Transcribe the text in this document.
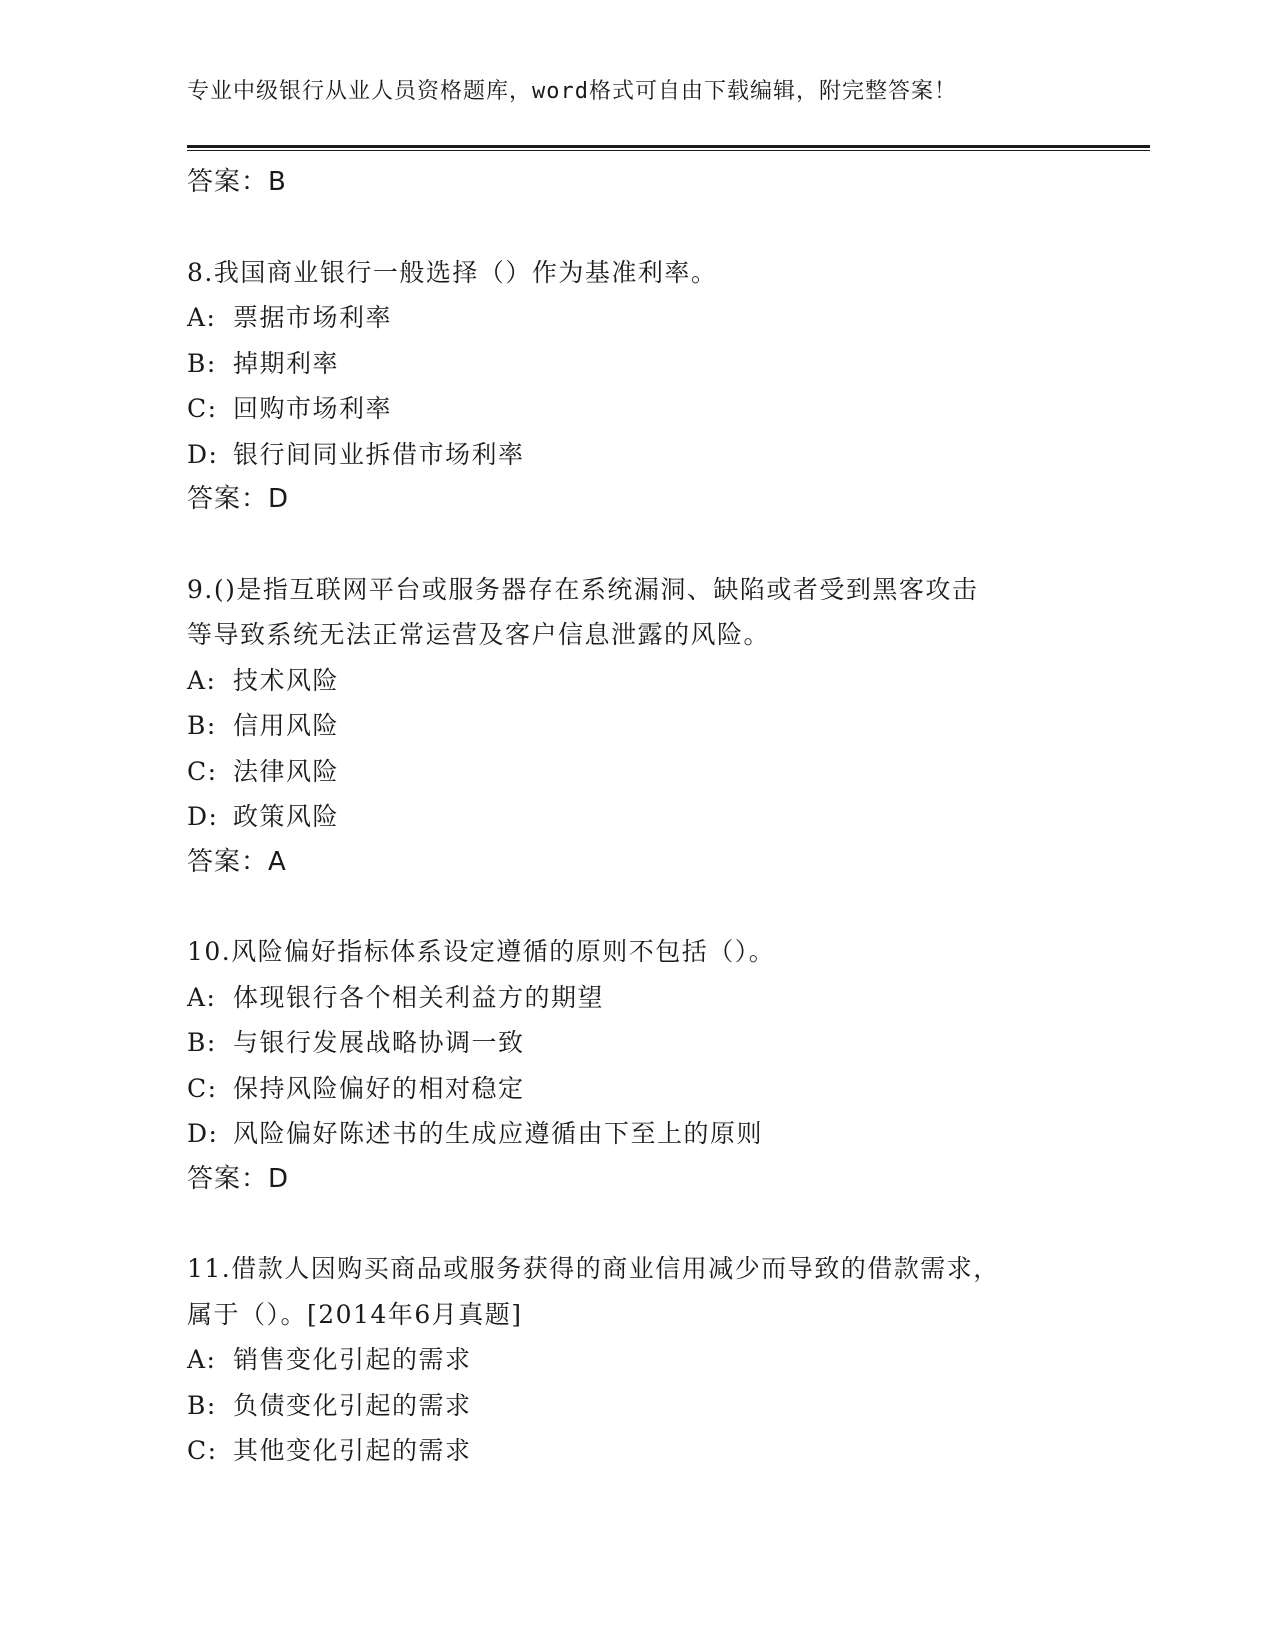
专业中级银行从业人员资格题库，word格式可自由下载编辑，附完整答案！
答案：B
8.我国商业银行一般选择（）作为基准利率。
A: 票据市场利率
B: 掉期利率
C: 回购市场利率
D: 银行间同业拆借市场利率
答案：D
9.()是指互联网平台或服务器存在系统漏洞、缺陷或者受到黑客攻击
等导致系统无法正常运营及客户信息泄露的风险。
A: 技术风险
B: 信用风险
C: 法律风险
D: 政策风险
答案：A
10.风险偏好指标体系设定遵循的原则不包括（）。
A: 体现银行各个相关利益方的期望
B: 与银行发展战略协调一致
C: 保持风险偏好的相对稳定
D: 风险偏好陈述书的生成应遵循由下至上的原则
答案：D
11.借款人因购买商品或服务获得的商业信用减少而导致的借款需求，
属于（）。[2014年6月真题]
A: 销售变化引起的需求
B: 负债变化引起的需求
C: 其他变化引起的需求
